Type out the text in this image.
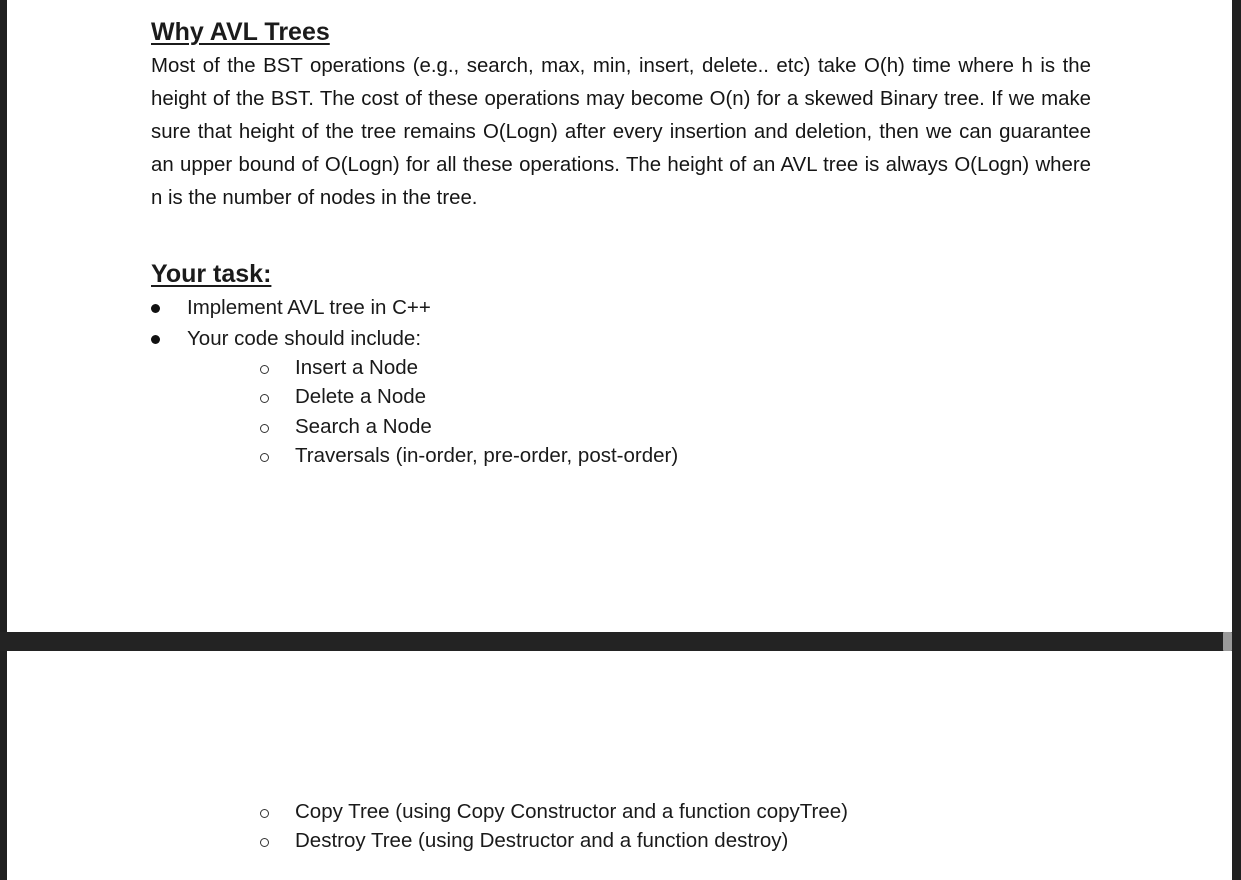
Why AVL Trees

Most of the BST operations (e.g., search, max, min, insert, delete.. etc) take O(h) time where h is the height of the BST. The cost of these operations may become O(n) for a skewed Binary tree. If we make sure that height of the tree remains O(Logn) after every insertion and deletion, then we can guarantee an upper bound of O(Logn) for all these operations. The height of an AVL tree is always O(Logn) where n is the number of nodes in the tree.

Your task:
Implement AVL tree in C++
Your code should include:
Insert a Node
Delete a Node
Search a Node
Traversals (in-order, pre-order, post-order)
Copy Tree (using Copy Constructor and a function copyTree)
Destroy Tree (using Destructor and a function destroy)
